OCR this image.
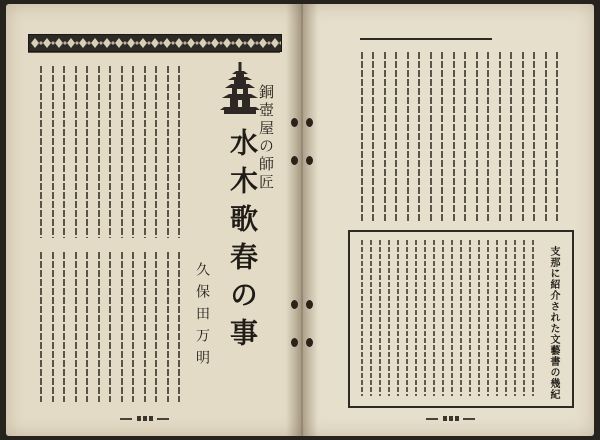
銅壺屋の師匠
水木歌春の事
久保田万明	支那に紹介された文藝書の幾紀
